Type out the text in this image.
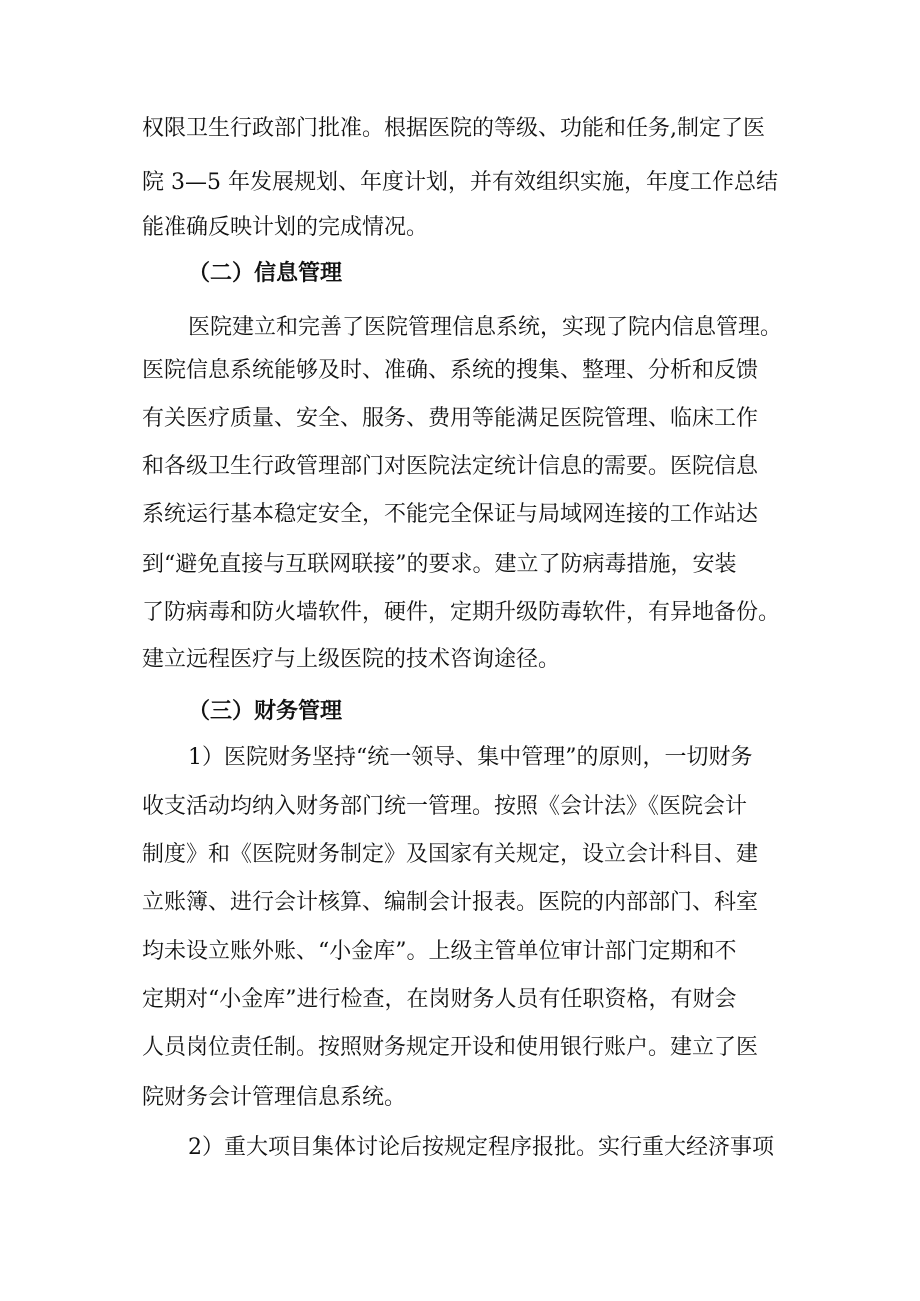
权限卫生行政部门批准。根据医院的等级、功能和任务,制定了医
院 3—5 年发展规划、年度计划，并有效组织实施，年度工作总结
能准确反映计划的完成情况。
（二）信息管理
医院建立和完善了医院管理信息系统，实现了院内信息管理。
医院信息系统能够及时、准确、系统的搜集、整理、分析和反馈
有关医疗质量、安全、服务、费用等能满足医院管理、临床工作
和各级卫生行政管理部门对医院法定统计信息的需要。医院信息
系统运行基本稳定安全，不能完全保证与局域网连接的工作站达
到“避免直接与互联网联接”的要求。建立了防病毒措施，安装
了防病毒和防火墙软件，硬件，定期升级防毒软件，有异地备份。
建立远程医疗与上级医院的技术咨询途径。
（三）财务管理
1）医院财务坚持“统一领导、集中管理”的原则，一切财务
收支活动均纳入财务部门统一管理。按照《会计法》《医院会计
制度》和《医院财务制定》及国家有关规定，设立会计科目、建
立账簿、进行会计核算、编制会计报表。医院的内部部门、科室
均未设立账外账、“小金库”。上级主管单位审计部门定期和不
定期对“小金库”进行检查，在岗财务人员有任职资格，有财会
人员岗位责任制。按照财务规定开设和使用银行账户。建立了医
院财务会计管理信息系统。
2）重大项目集体讨论后按规定程序报批。实行重大经济事项
